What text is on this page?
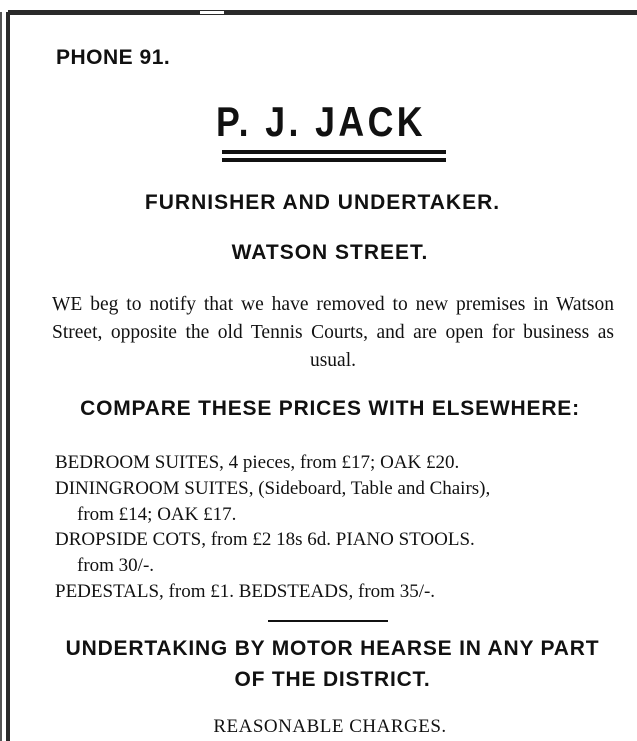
PHONE 91.
P. J. JACK
FURNISHER AND UNDERTAKER.
WATSON STREET.
WE beg to notify that we have removed to new premises in Watson Street, opposite the old Tennis Courts, and are open for business as usual.
COMPARE THESE PRICES WITH ELSEWHERE:
BEDROOM SUITES, 4 pieces, from £17; OAK £20.
DININGROOM SUITES, (Sideboard, Table and Chairs),
from £14; OAK £17.
DROPSIDE COTS, from £2 18s 6d. PIANO STOOLS.
from 30/-.
PEDESTALS, from £1. BEDSTEADS, from 35/-.
UNDERTAKING BY MOTOR HEARSE IN ANY PART
OF THE DISTRICT.
REASONABLE CHARGES.
